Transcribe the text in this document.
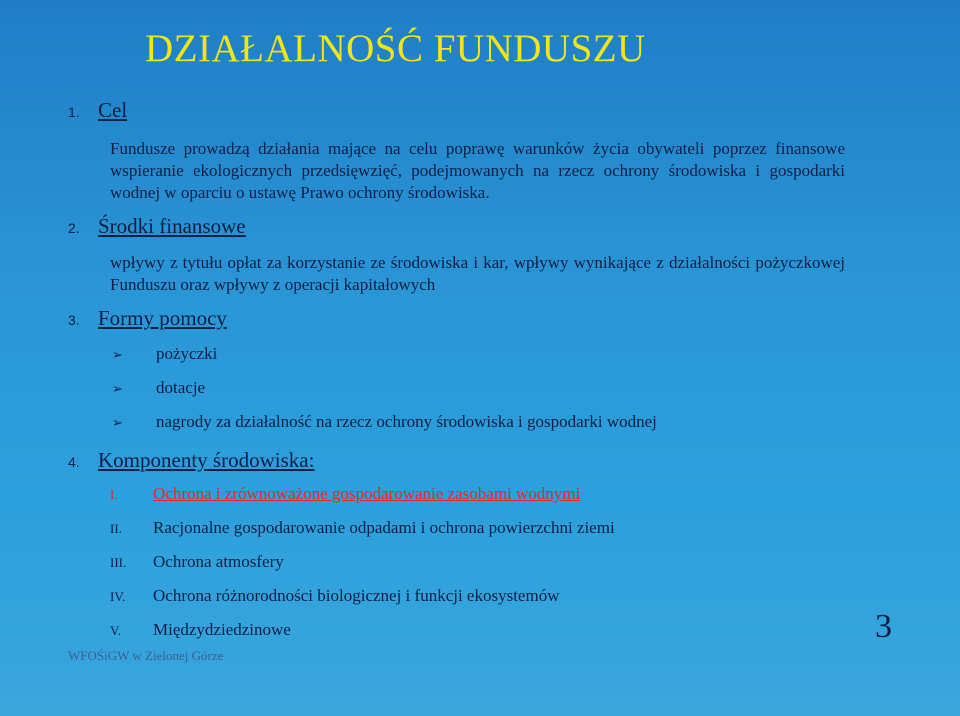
DZIAŁALNOŚĆ FUNDUSZU
1. Cel
Fundusze prowadzą działania mające na celu poprawę warunków życia obywateli poprzez finansowe wspieranie ekologicznych przedsięwzięć, podejmowanych na rzecz ochrony środowiska i gospodarki wodnej w oparciu o ustawę Prawo ochrony środowiska.
2. Środki finansowe
wpływy z tytułu opłat za korzystanie ze środowiska i kar, wpływy wynikające z działalności pożyczkowej Funduszu oraz wpływy z operacji kapitałowych
3. Formy pomocy
➢ pożyczki
➢ dotacje
➢ nagrody za działalność na rzecz ochrony środowiska i gospodarki wodnej
4. Komponenty środowiska:
I. Ochrona i zrównoważone gospodarowanie zasobami wodnymi
II. Racjonalne gospodarowanie odpadami i ochrona powierzchni ziemi
III. Ochrona atmosfery
IV. Ochrona różnorodności biologicznej i funkcji ekosystemów
V. Międzydziedzinowe
WFOŚiGW w Zielonej Górze
3
